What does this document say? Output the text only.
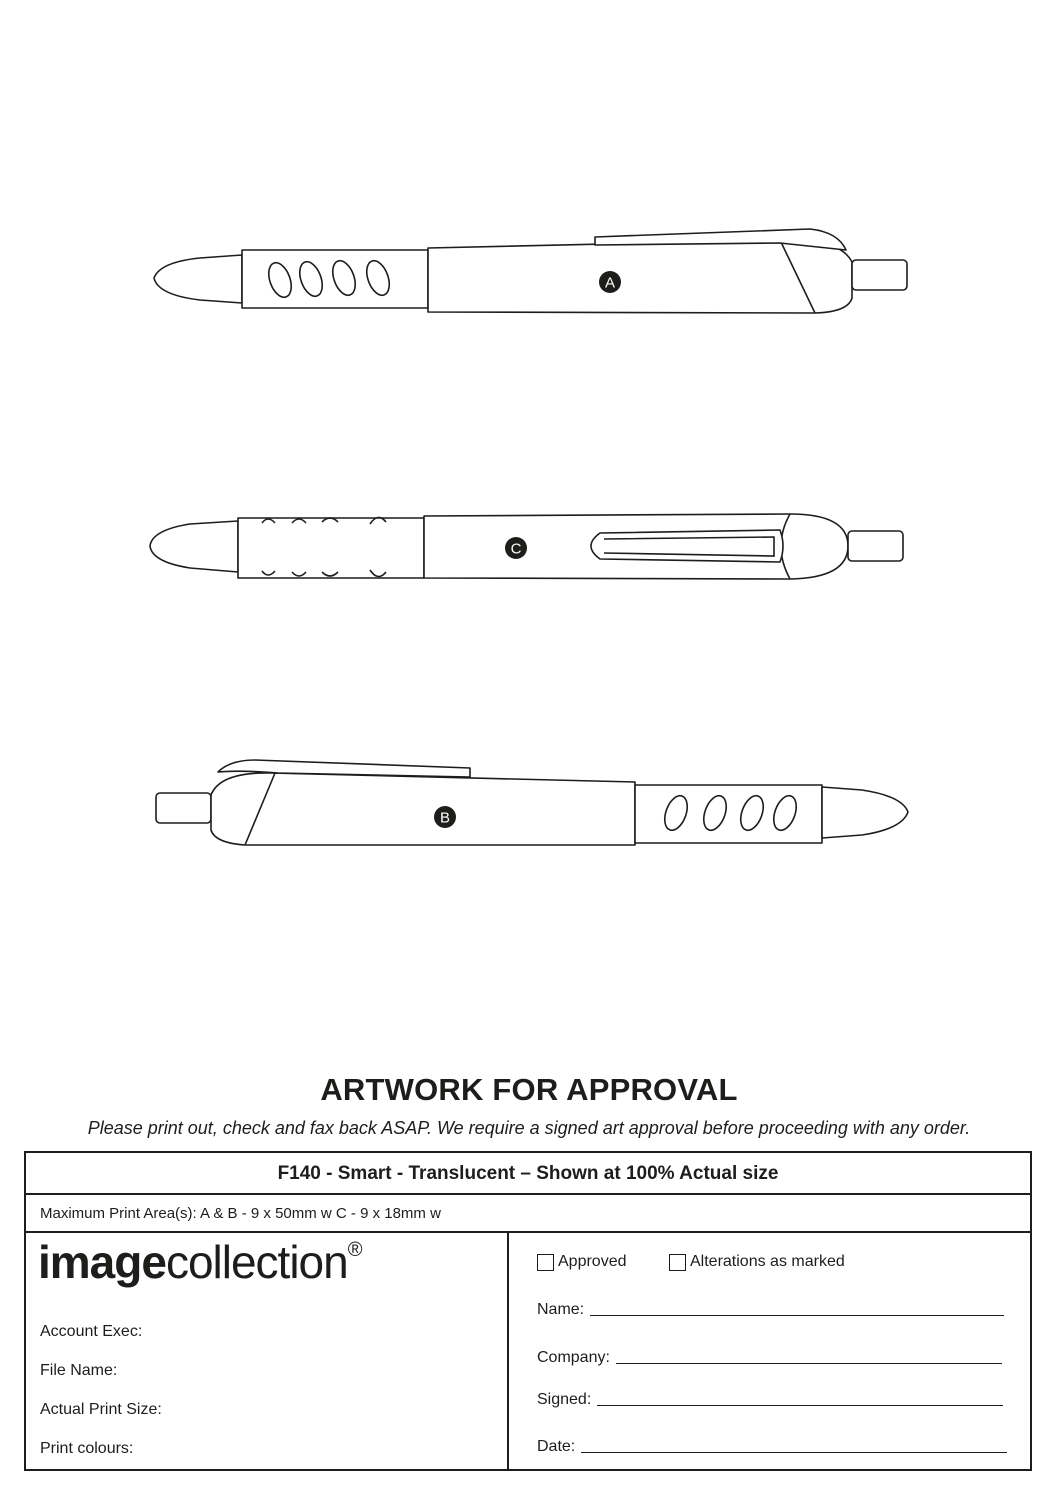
A
C
B
ARTWORK FOR APPROVAL
Please print out, check and fax back ASAP. We require a signed art approval before proceeding with any order.
F140 - Smart - Translucent – Shown at 100% Actual size
Maximum Print Area(s): A & B - 9 x 50mm w C - 9 x 18mm w
imagecollection®
Account Exec:
File Name:
Actual Print Size:
Print colours:
Approved	Alterations as marked
Name:
Company:
Signed:
Date:
